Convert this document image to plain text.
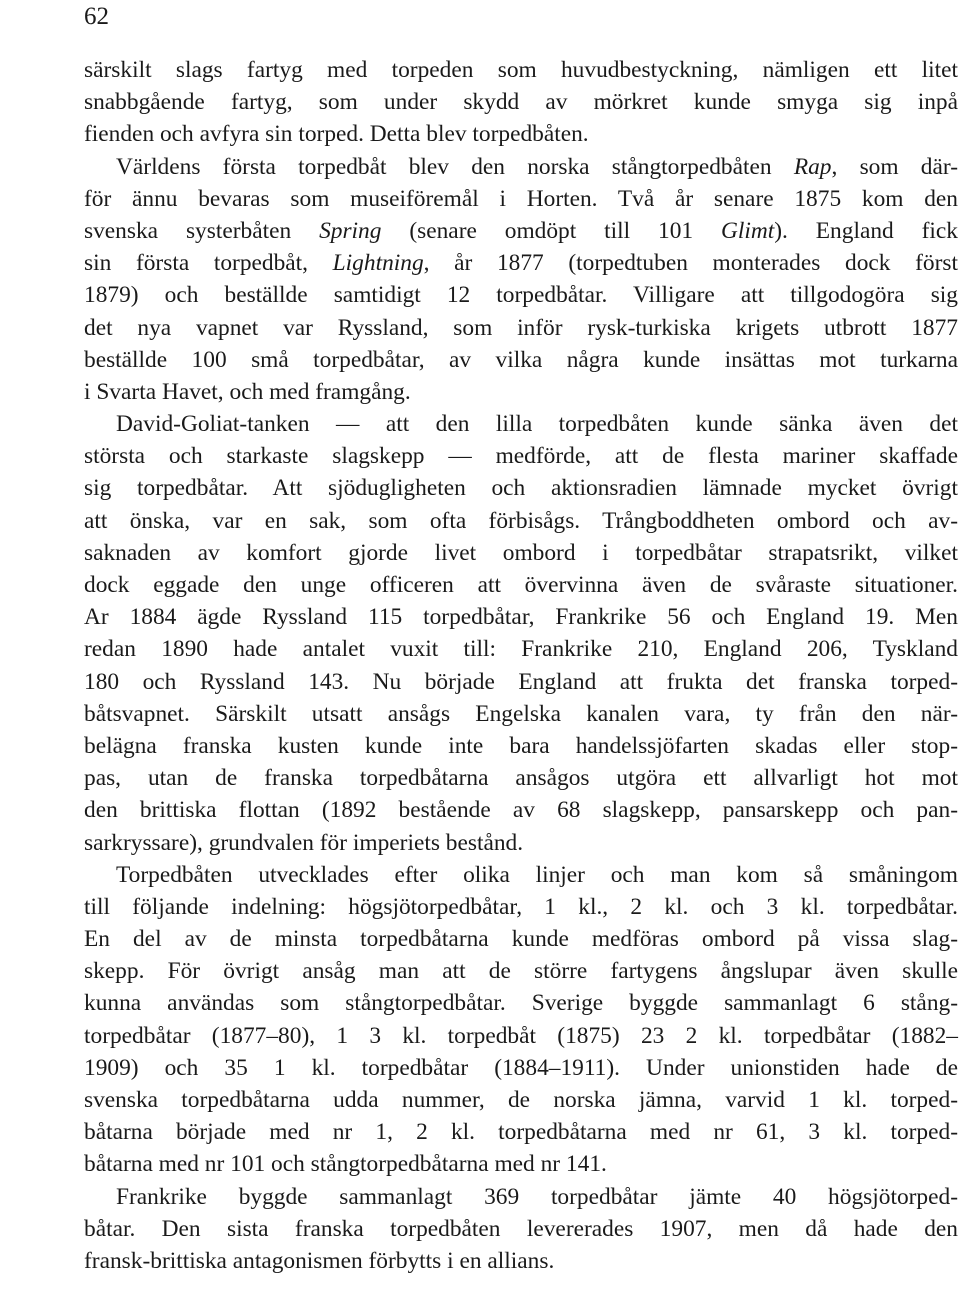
62
särskilt slags fartyg med torpeden som huvudbestyckning, nämligen ett litet
snabbgående fartyg, som under skydd av mörkret kunde smyga sig inpå
fienden och avfyra sin torped. Detta blev torpedbåten.
Världens första torpedbåt blev den norska stångtorpedbåten Rap, som där-
för ännu bevaras som museiföremål i Horten. Två år senare 1875 kom den
svenska systerbåten Spring (senare omdöpt till 101 Glimt). England fick
sin första torpedbåt, Lightning, år 1877 (torpedtuben monterades dock först
1879) och beställde samtidigt 12 torpedbåtar. Villigare att tillgodogöra sig
det nya vapnet var Ryssland, som inför rysk-turkiska krigets utbrott 1877
beställde 100 små torpedbåtar, av vilka några kunde insättas mot turkarna
i Svarta Havet, och med framgång.
David-Goliat-tanken — att den lilla torpedbåten kunde sänka även det
största och starkaste slagskepp — medförde, att de flesta mariner skaffade
sig torpedbåtar. Att sjödugligheten och aktionsradien lämnade mycket övrigt
att önska, var en sak, som ofta förbisågs. Trångboddheten ombord och av-
saknaden av komfort gjorde livet ombord i torpedbåtar strapatsrikt, vilket
dock eggade den unge officeren att övervinna även de svåraste situationer.
Ar 1884 ägde Ryssland 115 torpedbåtar, Frankrike 56 och England 19. Men
redan 1890 hade antalet vuxit till: Frankrike 210, England 206, Tyskland
180 och Ryssland 143. Nu började England att frukta det franska torped-
båtsvapnet. Särskilt utsatt ansågs Engelska kanalen vara, ty från den när-
belägna franska kusten kunde inte bara handelssjöfarten skadas eller stop-
pas, utan de franska torpedbåtarna ansågos utgöra ett allvarligt hot mot
den brittiska flottan (1892 bestående av 68 slagskepp, pansarskepp och pan-
sarkryssare), grundvalen för imperiets bestånd.
Torpedbåten utvecklades efter olika linjer och man kom så småningom
till följande indelning: högsjötorpedbåtar, 1 kl., 2 kl. och 3 kl. torpedbåtar.
En del av de minsta torpedbåtarna kunde medföras ombord på vissa slag-
skepp. För övrigt ansåg man att de större fartygens ångslupar även skulle
kunna användas som stångtorpedbåtar. Sverige byggde sammanlagt 6 stång-
torpedbåtar (1877–80), 1 3 kl. torpedbåt (1875) 23 2 kl. torpedbåtar (1882–
1909) och 35 1 kl. torpedbåtar (1884–1911). Under unionstiden hade de
svenska torpedbåtarna udda nummer, de norska jämna, varvid 1 kl. torped-
båtarna började med nr 1, 2 kl. torpedbåtarna med nr 61, 3 kl. torped-
båtarna med nr 101 och stångtorpedbåtarna med nr 141.
Frankrike byggde sammanlagt 369 torpedbåtar jämte 40 högsjötorped-
båtar. Den sista franska torpedbåten levererades 1907, men då hade den
fransk-brittiska antagonismen förbytts i en allians.
